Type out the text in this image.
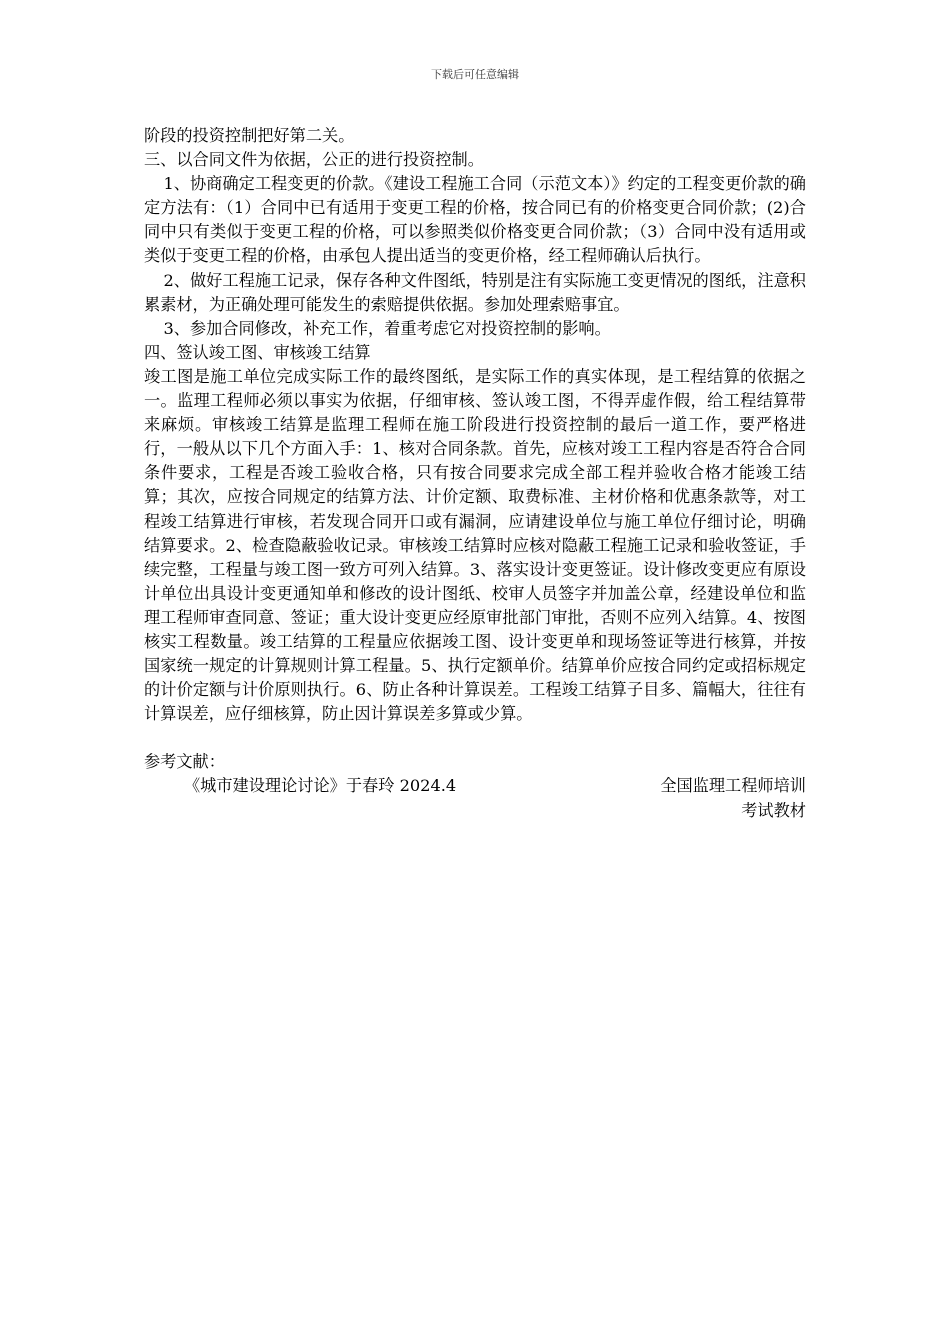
下载后可任意编辑

阶段的投资控制把好第二关。

三、以合同文件为依据，公正的进行投资控制。

1、协商确定工程变更的价款。《建设工程施工合同（示范文本）》约定的工程变更价款的确定方法有：（1）合同中已有适用于变更工程的价格，按合同已有的价格变更合同价款；(2)合同中只有类似于变更工程的价格，可以参照类似价格变更合同价款；（3）合同中没有适用或类似于变更工程的价格，由承包人提出适当的变更价格，经工程师确认后执行。

2、做好工程施工记录，保存各种文件图纸，特别是注有实际施工变更情况的图纸，注意积累素材，为正确处理可能发生的索赔提供依据。参加处理索赔事宜。

3、参加合同修改，补充工作，着重考虑它对投资控制的影响。

四、签认竣工图、审核竣工结算

竣工图是施工单位完成实际工作的最终图纸，是实际工作的真实体现，是工程结算的依据之一。监理工程师必须以事实为依据，仔细审核、签认竣工图，不得弄虚作假，给工程结算带来麻烦。审核竣工结算是监理工程师在施工阶段进行投资控制的最后一道工作，要严格进行，一般从以下几个方面入手：1、核对合同条款。首先，应核对竣工工程内容是否符合合同条件要求，工程是否竣工验收合格，只有按合同要求完成全部工程并验收合格才能竣工结算；其次，应按合同规定的结算方法、计价定额、取费标准、主材价格和优惠条款等，对工程竣工结算进行审核，若发现合同开口或有漏洞，应请建设单位与施工单位仔细讨论，明确结算要求。2、检查隐蔽验收记录。审核竣工结算时应核对隐蔽工程施工记录和验收签证，手续完整，工程量与竣工图一致方可列入结算。3、落实设计变更签证。设计修改变更应有原设计单位出具设计变更通知单和修改的设计图纸、校审人员签字并加盖公章，经建设单位和监理工程师审查同意、签证；重大设计变更应经原审批部门审批，否则不应列入结算。4、按图核实工程数量。竣工结算的工程量应依据竣工图、设计变更单和现场签证等进行核算，并按国家统一规定的计算规则计算工程量。5、执行定额单价。结算单价应按合同约定或招标规定的计价定额与计价原则执行。6、防止各种计算误差。工程竣工结算子目多、篇幅大，往往有计算误差，应仔细核算，防止因计算误差多算或少算。

参考文献：

《城市建设理论讨论》于春玲 2024.4	全国监理工程师培训考试教材
